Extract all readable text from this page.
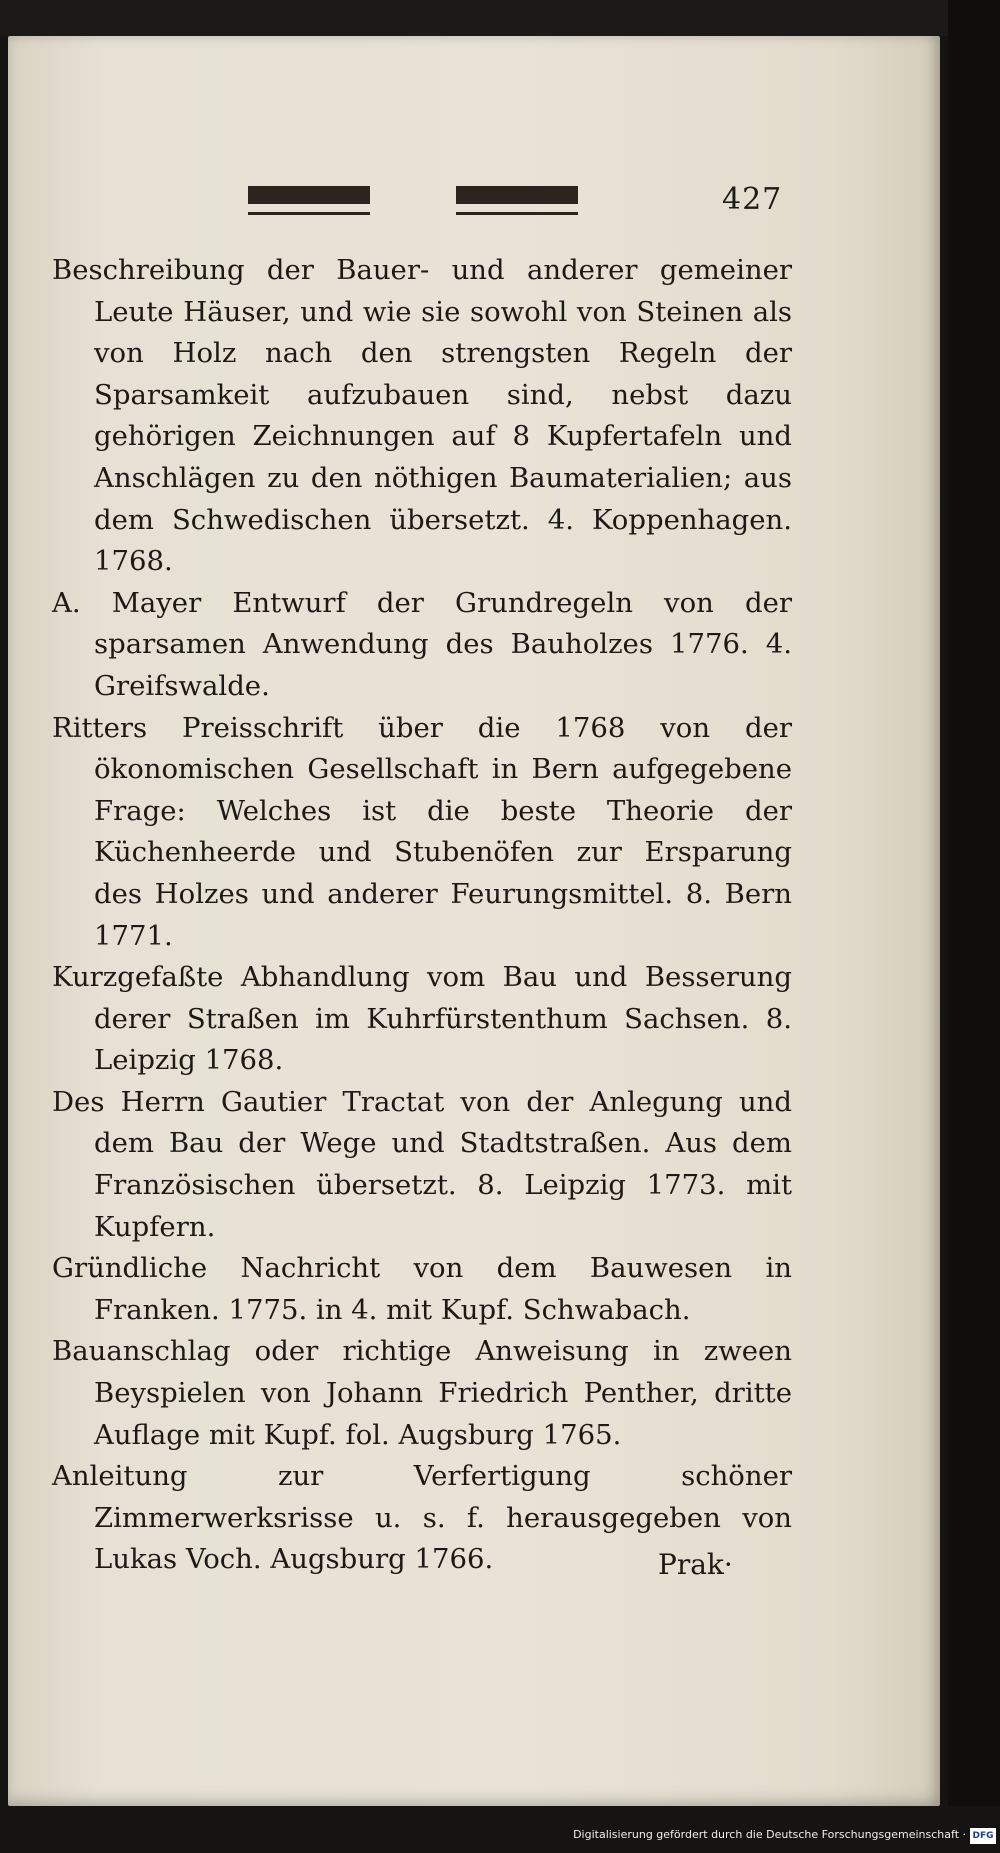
427

Beschreibung der Bauer- und anderer gemeiner Leute Häuser, und wie sie sowohl von Steinen als von Holz nach den strengsten Regeln der Sparsamkeit aufzubauen sind, nebst dazu gehörigen Zeichnungen auf 8 Kupfertafeln und Anschlägen zu den nöthigen Baumaterialien; aus dem Schwedischen übersetzt. 4. Koppenhagen. 1768.

A. Mayer Entwurf der Grundregeln von der sparsamen Anwendung des Bauholzes 1776. 4. Greifswalde.

Ritters Preisschrift über die 1768 von der ökonomischen Gesellschaft in Bern aufgegebene Frage: Welches ist die beste Theorie der Küchenheerde und Stubenöfen zur Ersparung des Holzes und anderer Feurungsmittel. 8. Bern 1771.

Kurzgefaßte Abhandlung vom Bau und Besserung derer Straßen im Kuhrfürstenthum Sachsen. 8. Leipzig 1768.

Des Herrn Gautier Tractat von der Anlegung und dem Bau der Wege und Stadtstraßen. Aus dem Französischen übersetzt. 8. Leipzig 1773. mit Kupfern.

Gründliche Nachricht von dem Bauwesen in Franken. 1775. in 4. mit Kupf. Schwabach.

Bauanschlag oder richtige Anweisung in zween Beyspielen von Johann Friedrich Penther, dritte Auflage mit Kupf. fol. Augsburg 1765.

Anleitung zur Verfertigung schöner Zimmerwerksrisse u. s. f. herausgegeben von Lukas Voch. Augsburg 1766.	Prak·
Digitalisierung gefördert durch die Deutsche Forschungsgemeinschaft · DFG
